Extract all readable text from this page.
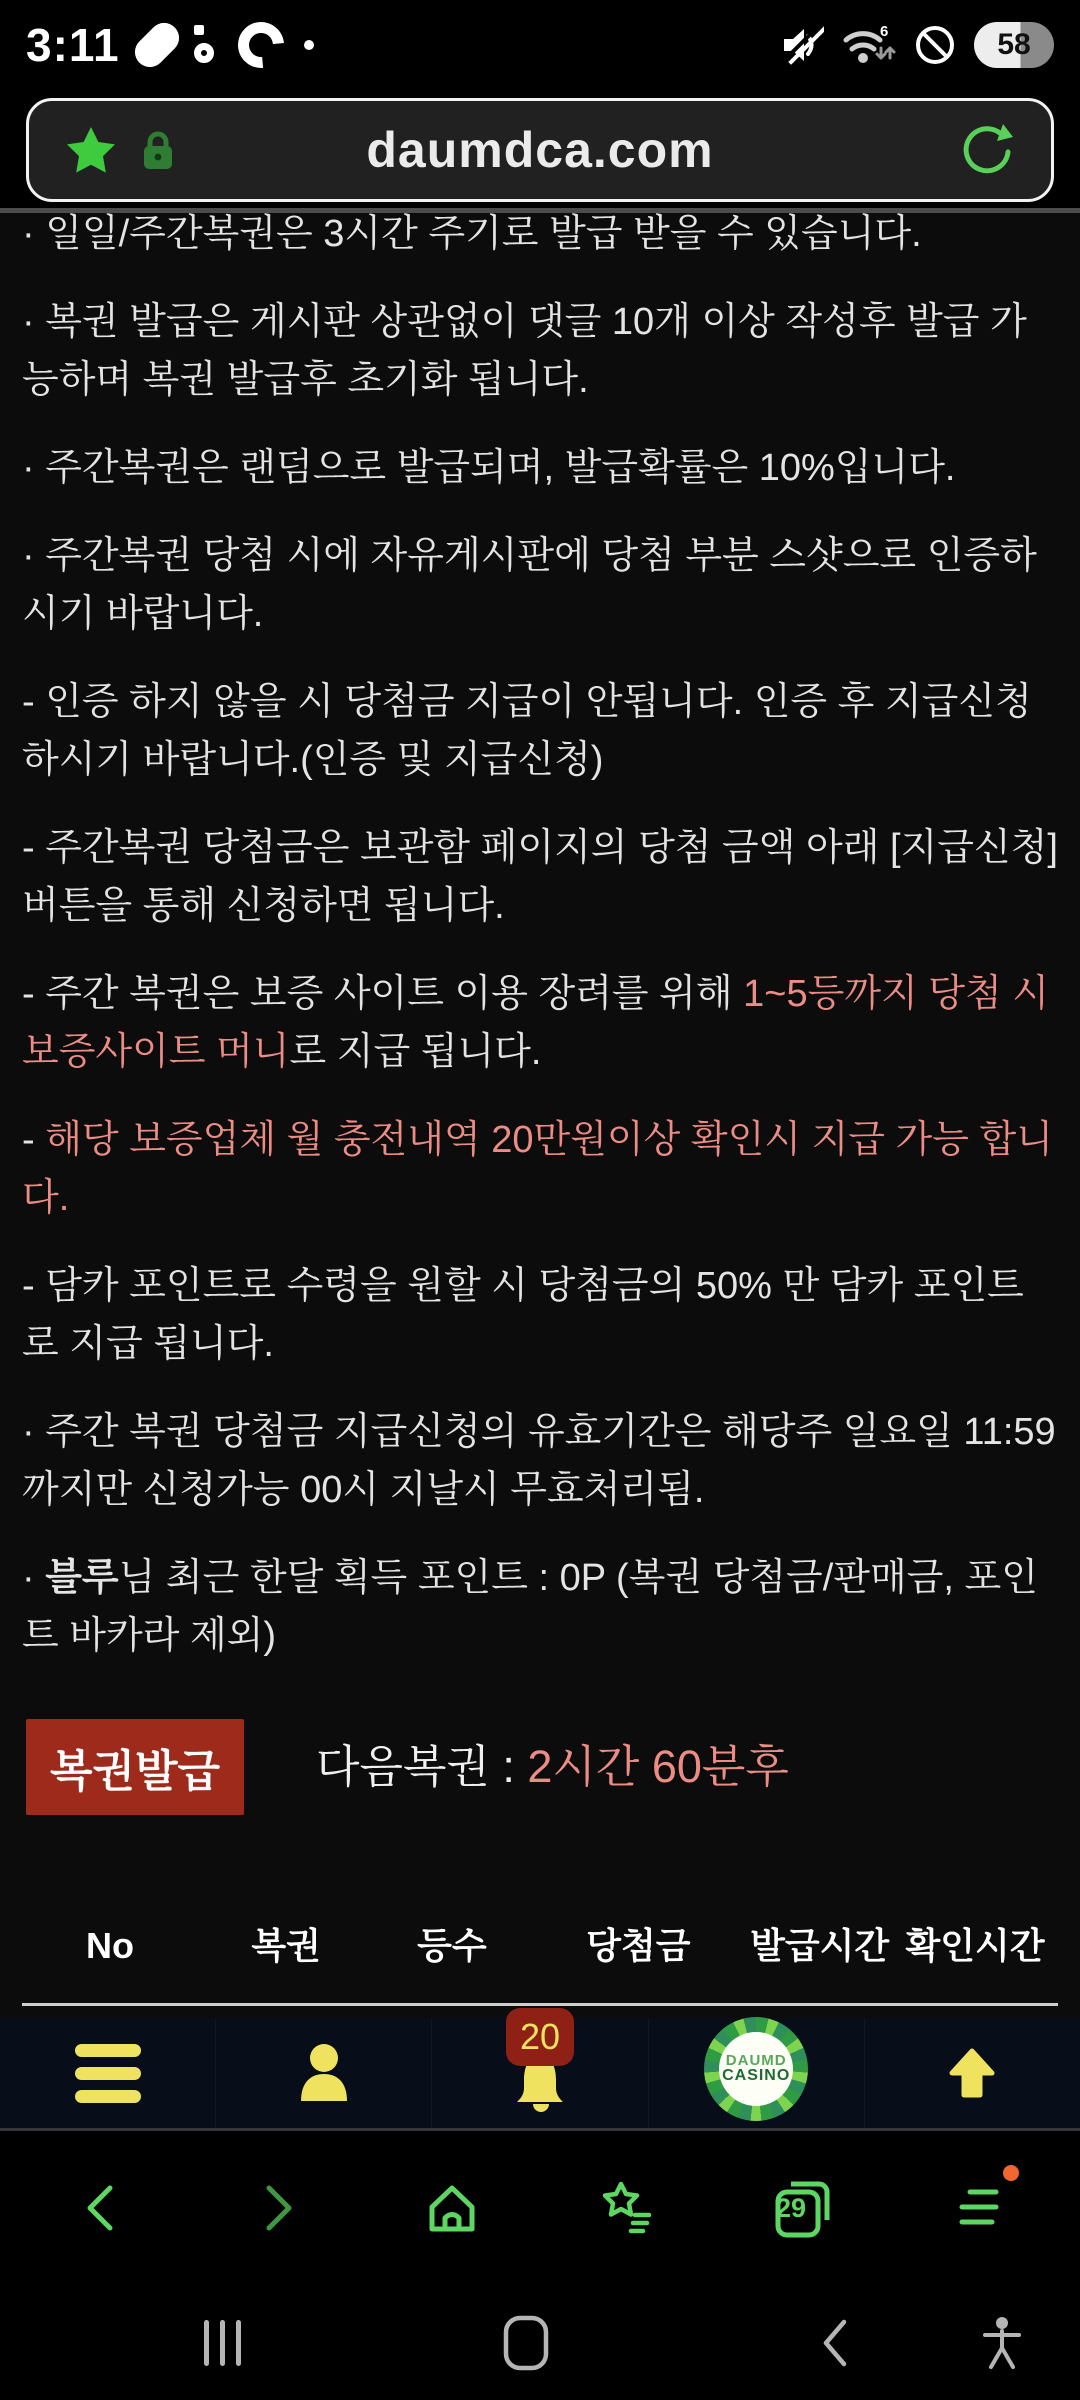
3:11	6	58
daumdca.com

· 일일/주간복권은 3시간 주기로 발급 받을 수 있습니다.

· 복권 발급은 게시판 상관없이 댓글 10개 이상 작성후 발급 가능하며 복권 발급후 초기화 됩니다.

· 주간복권은 랜덤으로 발급되며, 발급확률은 10%입니다.

· 주간복권 당첨 시에 자유게시판에 당첨 부분 스샷으로 인증하시기 바랍니다.

- 인증 하지 않을 시 당첨금 지급이 안됩니다. 인증 후 지급신청하시기 바랍니다.(인증 및 지급신청)

- 주간복권 당첨금은 보관함 페이지의 당첨 금액 아래 [지급신청] 버튼을 통해 신청하면 됩니다.

- 주간 복권은 보증 사이트 이용 장려를 위해 1~5등까지 당첨 시 보증사이트 머니로 지급 됩니다.

- 해당 보증업체 월 충전내역 20만원이상 확인시 지급 가능 합니다.

- 담카 포인트로 수령을 원할 시 당첨금의 50% 만 담카 포인트로 지급 됩니다.

· 주간 복권 당첨금 지급신청의 유효기간은 해당주 일요일 11:59까지만 신청가능 00시 지날시 무효처리됨.

· 블루님 최근 한달 획득 포인트 : 0P (복권 당첨금/판매금, 포인트 바카라 제외)

복권발급	다음복권 : 2시간 60분후
No	복권	등수	당첨금	발급시간 확인시간
20
DAUMD
CASINO
29
